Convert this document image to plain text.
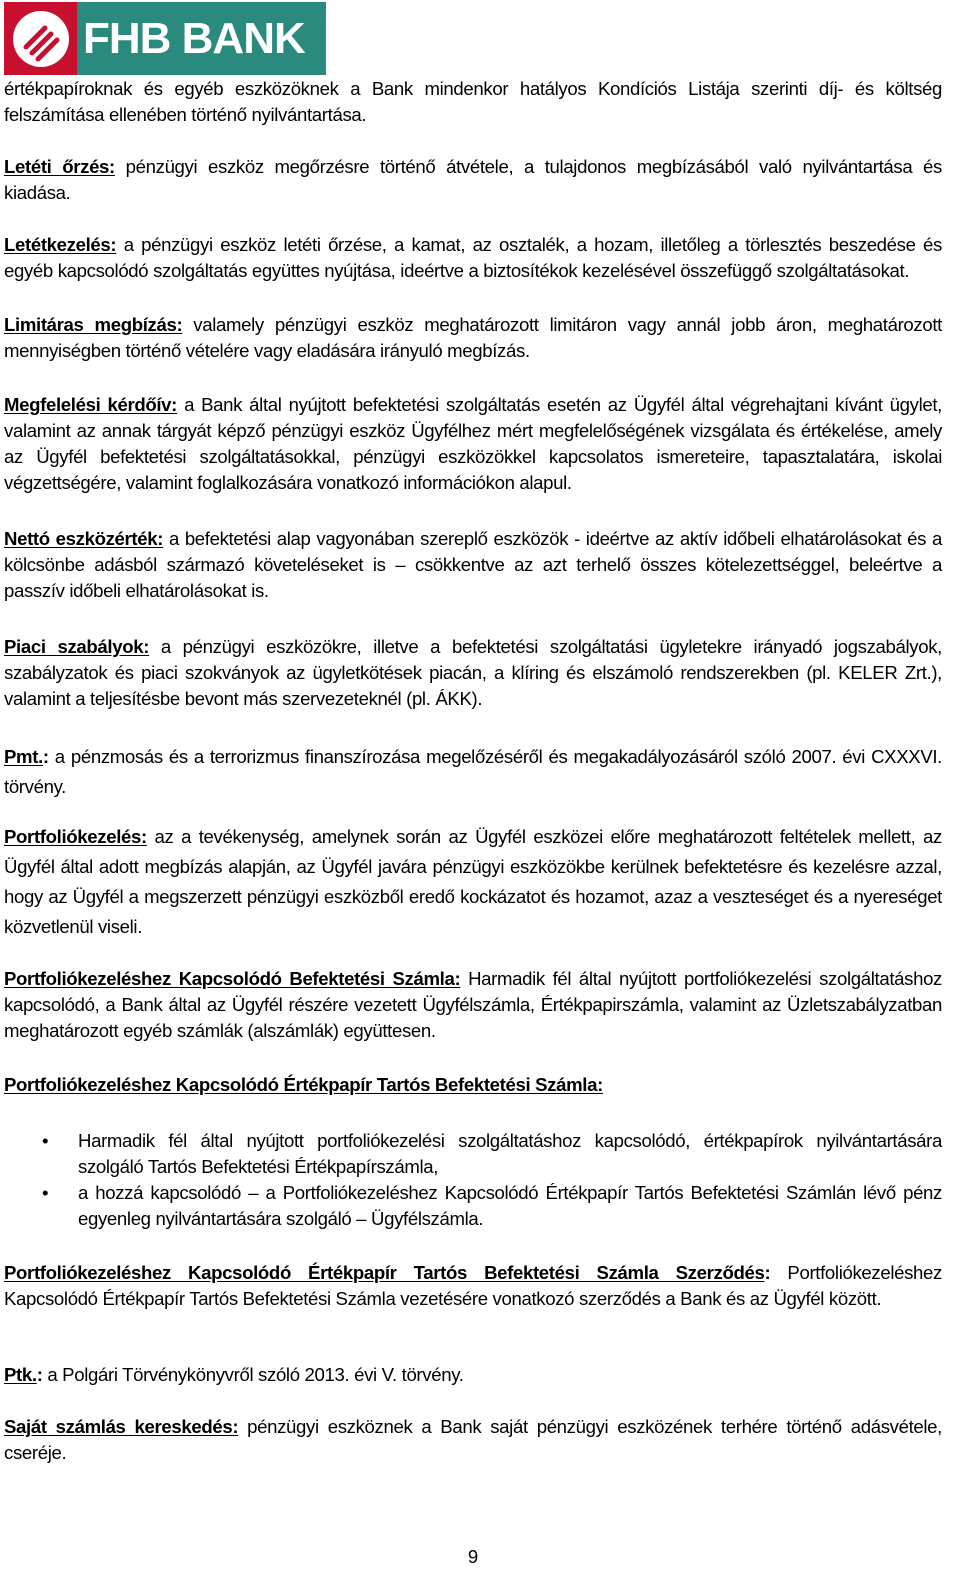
FHB BANK

értékpapíroknak és egyéb eszközöknek a Bank mindenkor hatályos Kondíciós Listája szerinti díj- és költség felszámítása ellenében történő nyilvántartása.

Letéti őrzés: pénzügyi eszköz megőrzésre történő átvétele, a tulajdonos megbízásából való nyilvántartása és kiadása.

Letétkezelés: a pénzügyi eszköz letéti őrzése, a kamat, az osztalék, a hozam, illetőleg a törlesztés beszedése és egyéb kapcsolódó szolgáltatás együttes nyújtása, ideértve a biztosítékok kezelésével összefüggő szolgáltatásokat.

Limitáras megbízás: valamely pénzügyi eszköz meghatározott limitáron vagy annál jobb áron, meghatározott mennyiségben történő vételére vagy eladására irányuló megbízás.

Megfelelési kérdőív: a Bank által nyújtott befektetési szolgáltatás esetén az Ügyfél által végrehajtani kívánt ügylet, valamint az annak tárgyát képző pénzügyi eszköz Ügyfélhez mért megfelelőségének vizsgálata és értékelése, amely az Ügyfél befektetési szolgáltatásokkal, pénzügyi eszközökkel kapcsolatos ismereteire, tapasztalatára, iskolai végzettségére, valamint foglalkozására vonatkozó információkon alapul.

Nettó eszközérték: a befektetési alap vagyonában szereplő eszközök - ideértve az aktív időbeli elhatárolásokat és a kölcsönbe adásból származó követeléseket is – csökkentve az azt terhelő összes kötelezettséggel, beleértve a passzív időbeli elhatárolásokat is.

Piaci szabályok: a pénzügyi eszközökre, illetve a befektetési szolgáltatási ügyletekre irányadó jogszabályok, szabályzatok és piaci szokványok az ügyletkötések piacán, a klíring és elszámoló rendszerekben (pl. KELER Zrt.), valamint a teljesítésbe bevont más szervezeteknél (pl. ÁKK).

Pmt.: a pénzmosás és a terrorizmus finanszírozása megelőzéséről és megakadályozásáról szóló 2007. évi CXXXVI. törvény.

Portfoliókezelés: az a tevékenység, amelynek során az Ügyfél eszközei előre meghatározott feltételek mellett, az Ügyfél által adott megbízás alapján, az Ügyfél javára pénzügyi eszközökbe kerülnek befektetésre és kezelésre azzal, hogy az Ügyfél a megszerzett pénzügyi eszközből eredő kockázatot és hozamot, azaz a veszteséget és a nyereséget közvetlenül viseli.

Portfoliókezeléshez Kapcsolódó Befektetési Számla: Harmadik fél által nyújtott portfoliókezelési szolgáltatáshoz kapcsolódó, a Bank által az Ügyfél részére vezetett Ügyfélszámla, Értékpapirszámla, valamint az Üzletszabályzatban meghatározott egyéb számlák (alszámlák) együttesen.

Portfoliókezeléshez Kapcsolódó Értékpapír Tartós Befektetési Számla:

• Harmadik fél által nyújtott portfoliókezelési szolgáltatáshoz kapcsolódó, értékpapírok nyilvántartására szolgáló Tartós Befektetési Értékpapírszámla,
• a hozzá kapcsolódó – a Portfoliókezeléshez Kapcsolódó Értékpapír Tartós Befektetési Számlán lévő pénz egyenleg nyilvántartására szolgáló – Ügyfélszámla.

Portfoliókezeléshez Kapcsolódó Értékpapír Tartós Befektetési Számla Szerződés: Portfoliókezeléshez Kapcsolódó Értékpapír Tartós Befektetési Számla vezetésére vonatkozó szerződés a Bank és az Ügyfél között.

Ptk.: a Polgári Törvénykönyvről szóló 2013. évi V. törvény.

Saját számlás kereskedés: pénzügyi eszköznek a Bank saját pénzügyi eszközének terhére történő adásvétele, cseréje.

9
